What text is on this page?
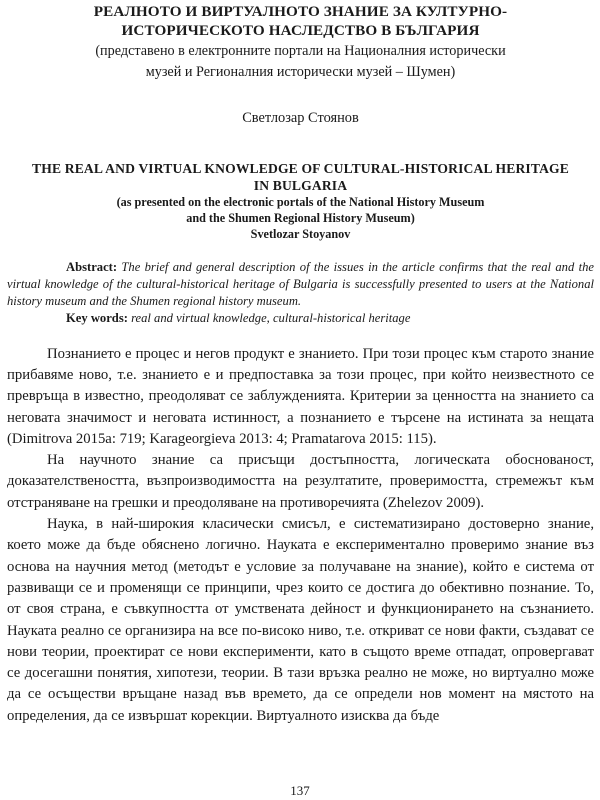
РЕАЛНОТО И ВИРТУАЛНОТО ЗНАНИЕ ЗА КУЛТУРНО-
ИСТОРИЧЕСКОТО НАСЛЕДСТВО В БЪЛГАРИЯ

(представено в електронните портали на Националния исторически
музей и Регионалния исторически музей – Шумен)

Светлозар Стоянов

THE REAL AND VIRTUAL KNOWLEDGE OF CULTURAL-HISTORICAL HERITAGE
IN BULGARIA

(as presented on the electronic portals of the National History Museum

and the Shumen Regional History Museum)

Svetlozar Stoyanov

Abstract: The brief and general description of the issues in the article confirms that the real and the virtual knowledge of the cultural-historical heritage of Bulgaria is successfully presented to users at the National history museum and the Shumen regional history museum.

Key words: real and virtual knowledge, cultural-historical heritage

Познанието е процес и негов продукт е знанието. При този процес към старото знание прибавяме ново, т.е. знанието е и предпоставка за този процес, при който неизвестното се превръща в известно, преодоляват се заблужденията. Критерии за ценността на знанието са неговата значимост и неговата истинност, а познанието е търсене на истината за нещата (Dimitrova 2015а: 719; Karageorgieva 2013: 4; Pramatarova 2015: 115).

На научното знание са присъщи достъпността, логическата обоснованост, доказателствеността, възпроизводимостта на резултатите, проверимостта, стремежът към отстраняване на грешки и преодоляване на противоречията (Zhelezov 2009).

Наука, в най-широкия класически смисъл, е систематизирано достоверно знание, което може да бъде обяснено логично. Науката е експериментално проверимо знание въз основа на научния метод (методът е условие за получаване на знание), който е система от развиващи се и променящи се принципи, чрез които се достига до обективно познание. То, от своя страна, е съвкупността от умствената дейност и функционирането на съзнанието. Науката реално се организира на все по-високо ниво, т.е. откриват се нови факти, създават се нови теории, проектират се нови експерименти, като в същото време отпадат, опровергават се досегашни понятия, хипотези, теории. В тази връзка реално не може, но виртуално може да се осъществи връщане назад във времето, да се определи нов момент на мястото на определения, да се извършат корекции. Виртуалното изисква да бъде

137
